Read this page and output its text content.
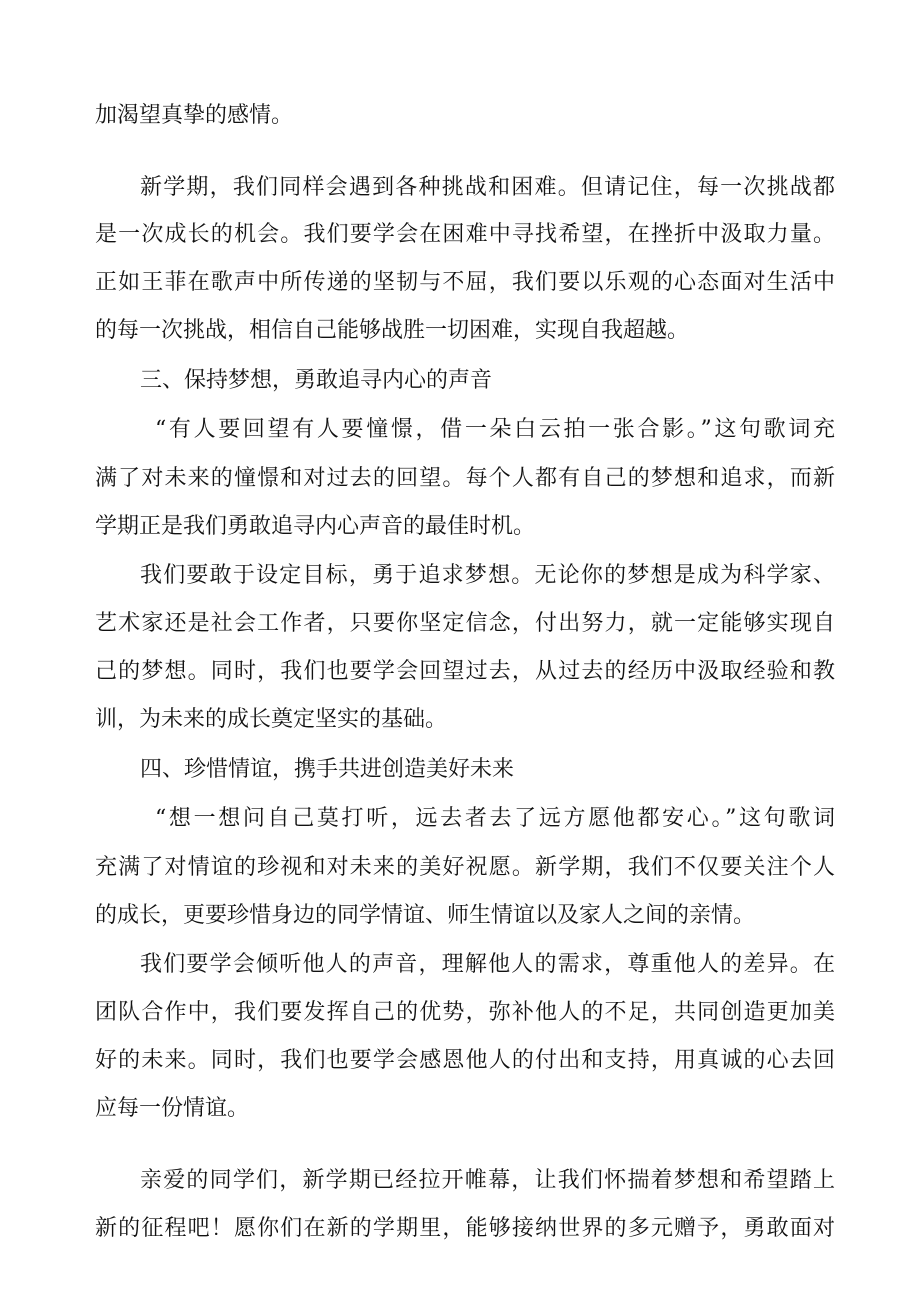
加渴望真挚的感情。
新学期，我们同样会遇到各种挑战和困难。但请记住，每一次挑战都
是一次成长的机会。我们要学会在困难中寻找希望，在挫折中汲取力量。
正如王菲在歌声中所传递的坚韧与不屈，我们要以乐观的心态面对生活中
的每一次挑战，相信自己能够战胜一切困难，实现自我超越。
三、保持梦想，勇敢追寻内心的声音
“有人要回望有人要憧憬，借一朵白云拍一张合影。”这句歌词充
满了对未来的憧憬和对过去的回望。每个人都有自己的梦想和追求，而新
学期正是我们勇敢追寻内心声音的最佳时机。
我们要敢于设定目标，勇于追求梦想。无论你的梦想是成为科学家、
艺术家还是社会工作者，只要你坚定信念，付出努力，就一定能够实现自
己的梦想。同时，我们也要学会回望过去，从过去的经历中汲取经验和教
训，为未来的成长奠定坚实的基础。
四、珍惜情谊，携手共进创造美好未来
“想一想问自己莫打听，远去者去了远方愿他都安心。”这句歌词
充满了对情谊的珍视和对未来的美好祝愿。新学期，我们不仅要关注个人
的成长，更要珍惜身边的同学情谊、师生情谊以及家人之间的亲情。
我们要学会倾听他人的声音，理解他人的需求，尊重他人的差异。在
团队合作中，我们要发挥自己的优势，弥补他人的不足，共同创造更加美
好的未来。同时，我们也要学会感恩他人的付出和支持，用真诚的心去回
应每一份情谊。
亲爱的同学们，新学期已经拉开帷幕，让我们怀揣着梦想和希望踏上
新的征程吧！愿你们在新的学期里，能够接纳世界的多元赠予，勇敢面对
